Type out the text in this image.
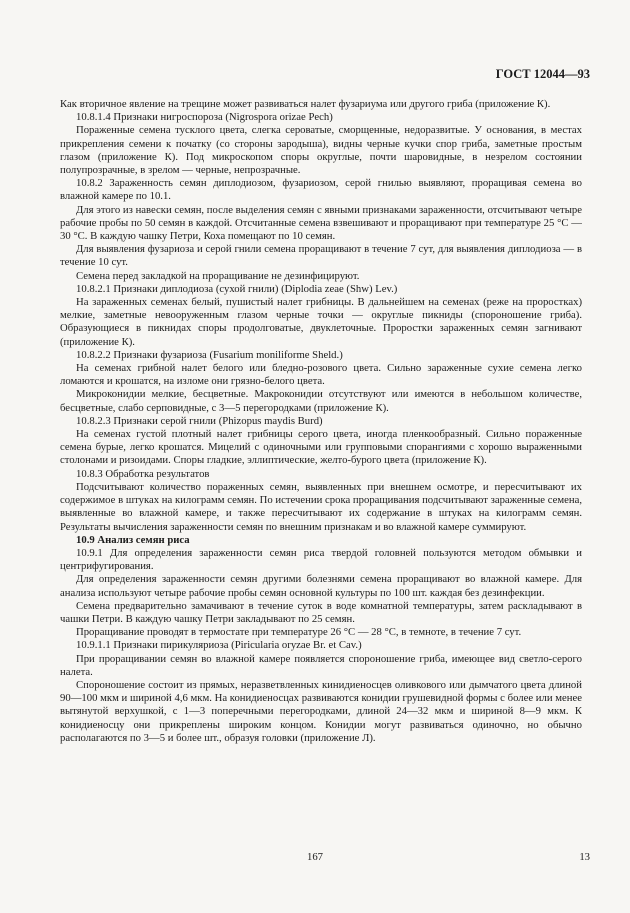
ГОСТ 12044—93

Как вторичное явление на трещине может развиваться налет фузариума или другого гриба (приложение К).

10.8.1.4 Признаки нигроспороза (Nigrospora orizae Pech)

Пораженные семена тусклого цвета, слегка сероватые, сморщенные, недоразвитые. У основания, в местах прикрепления семени к початку (со стороны зародыша), видны черные кучки спор гриба, заметные простым глазом (приложение К). Под микроскопом споры округлые, почти шаровидные, в незрелом состоянии полупрозрачные, в зрелом — черные, непрозрачные.

10.8.2 Зараженность семян диплодиозом, фузариозом, серой гнилью выявляют, проращивая семена во влажной камере по 10.1.

Для этого из навески семян, после выделения семян с явными признаками зараженности, отсчитывают четыре рабочие пробы по 50 семян в каждой. Отсчитанные семена взвешивают и проращивают при температуре 25 °С — 30 °С. В каждую чашку Петри, Коха помещают по 10 семян.

Для выявления фузариоза и серой гнили семена проращивают в течение 7 сут, для выявления диплодиоза — в течение 10 сут.

Семена перед закладкой на проращивание не дезинфицируют.

10.8.2.1 Признаки диплодиоза (сухой гнили) (Diplodia zeae (Shw) Lev.)

На зараженных семенах белый, пушистый налет грибницы. В дальнейшем на семенах (реже на проростках) мелкие, заметные невооруженным глазом черные точки — округлые пикниды (спороношение гриба). Образующиеся в пикнидах споры продолговатые, двуклеточные. Проростки зараженных семян загнивают (приложение К).

10.8.2.2 Признаки фузариоза (Fusarium moniliforme Sheld.)

На семенах грибной налет белого или бледно-розового цвета. Сильно зараженные сухие семена легко ломаются и крошатся, на изломе они грязно-белого цвета.

Микроконидии мелкие, бесцветные. Макроконидии отсутствуют или имеются в небольшом количестве, бесцветные, слабо серповидные, с 3—5 перегородками (приложение К).

10.8.2.3 Признаки серой гнили (Phizopus maydis Burd)

На семенах густой плотный налет грибницы серого цвета, иногда пленкообразный. Сильно пораженные семена бурые, легко крошатся. Мицелий с одиночными или групповыми спорангиями с хорошо выраженными столонами и ризоидами. Споры гладкие, эллиптические, желто-бурого цвета (приложение К).

10.8.3 Обработка результатов

Подсчитывают количество пораженных семян, выявленных при внешнем осмотре, и пересчитывают их содержимое в штуках на килограмм семян. По истечении срока проращивания подсчитывают зараженные семена, выявленные во влажной камере, и также пересчитывают их содержание в штуках на килограмм семян. Результаты вычисления зараженности семян по внешним признакам и во влажной камере суммируют.

10.9 Анализ семян риса

10.9.1 Для определения зараженности семян риса твердой головней пользуются методом обмывки и центрифугирования.

Для определения зараженности семян другими болезнями семена проращивают во влажной камере. Для анализа используют четыре рабочие пробы семян основной культуры по 100 шт. каждая без дезинфекции.

Семена предварительно замачивают в течение суток в воде комнатной температуры, затем раскладывают в чашки Петри. В каждую чашку Петри закладывают по 25 семян.

Проращивание проводят в термостате при температуре 26 °С — 28 °С, в темноте, в течение 7 сут.

10.9.1.1 Признаки пирикуляриоза (Piricularia oryzae Br. et Cav.)

При проращивании семян во влажной камере появляется спороношение гриба, имеющее вид светло-серого налета.

Спороношение состоит из прямых, неразветвленных кинидиеносцев оливкового или дымчатого цвета длиной 90—100 мкм и шириной 4,6 мкм. На конидиеносцах развиваются конидии грушевидной формы с более или менее вытянутой верхушкой, с 1—3 поперечными перегородками, длиной 24—32 мкм и шириной 8—9 мкм. К конидиеносцу они прикреплены широким концом. Конидии могут развиваться одиночно, но обычно располагаются по 3—5 и более шт., образуя головки (приложение Л).

167	13
